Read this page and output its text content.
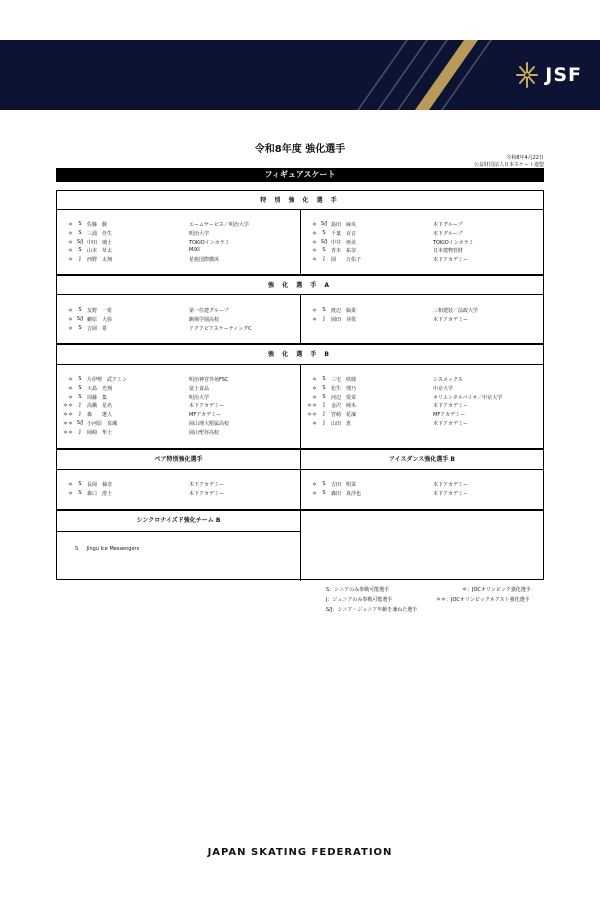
JSF
令和8年度 強化選手
令和8年4月22日
公益財団法人日本スケート連盟
フィギュアスケート
特 別 強 化 選 手
＊	S	佐藤　駿	エームサービス／明治大学
＊	S	三浦　佳生	明治大学
＊ S/J 中田　璃士	TOKIOインカラミ
＊	S	山本　草太	MIXI
＊	J	西野　太翔	星槎国際横浜
＊ S/J 島田　麻央	木下グループ
＊	S	千葉　百音	木下グループ
＊ S/J 中井　亜美	TOKIOインカラミ
＊	S	青木　祐奈	日本建物管財
＊	J	岡　　万佑子	木下アカデミー
強 化 選 手 A
＊	S	友野　一希	第一住建グループ
＊ S/J 蛯原　大弥	駒場学園高校
＊	S	吉岡　希	アクアピアスケーティングC
＊	S	渡辺　倫果	三和建装／法政大学
＊	J	岡田　芽依	木下アカデミー
強 化 選 手 B
＊	S	片伊勢　武アミン	明治神宮外苑FSC
＊	S	大島　光翔	富士食品
＊	S	周藤　集	明治大学
＊＊	J	高橋　星名	木下アカデミー
＊＊	J	森　　遼人	MFアカデミー
＊＊ S/J 小河原　泉颯	岡山理大附属高校
＊＊	J	岡崎　隼士	岡山聖谷高校
＊	S	三宅　咲綺	シスメックス
＊	S	松生　理乃	中京大学
＊	S	河辺　愛菜	オリエンタルバイオ／中京大学
＊＊	J	金沢　純禾	木下アカデミー
＊＊	J	宮崎　花凜	MFアカデミー
＊	J	山田　恵	木下アカデミー
ペア特別強化選手	アイスダンス強化選手 B
＊	S	長岡　柚奈	木下アカデミー
＊	S	森口　澄士	木下アカデミー
＊	S	吉田　唄菜	木下アカデミー
＊	S	森田　真沙也	木下アカデミー
シンクロナイズド強化チーム B
S Jingu Ice Messengers
S：シニアのみ参戦可能選手	＊：JOCオリンピック強化選手
J：ジュニアのみ参戦可能選手	＊＊：JOCオリンピックネクスト強化選手
S/J：シニア・ジュニア年齢を兼ねた選手
JAPAN SKATING FEDERATION
